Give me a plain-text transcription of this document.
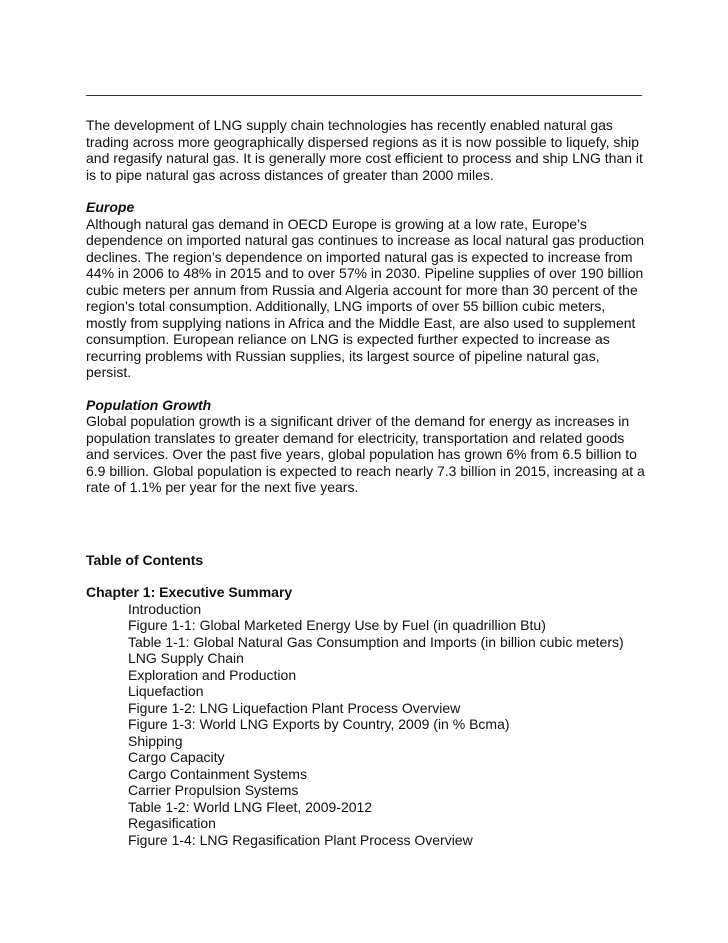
The development of LNG supply chain technologies has recently enabled natural gas trading across more geographically dispersed regions as it is now possible to liquefy, ship and regasify natural gas. It is generally more cost efficient to process and ship LNG than it is to pipe natural gas across distances of greater than 2000 miles.

Europe

Although natural gas demand in OECD Europe is growing at a low rate, Europe’s dependence on imported natural gas continues to increase as local natural gas production declines. The region’s dependence on imported natural gas is expected to increase from 44% in 2006 to 48% in 2015 and to over 57% in 2030. Pipeline supplies of over 190 billion cubic meters per annum from Russia and Algeria account for more than 30 percent of the region’s total consumption. Additionally, LNG imports of over 55 billion cubic meters, mostly from supplying nations in Africa and the Middle East, are also used to supplement consumption. European reliance on LNG is expected further expected to increase as recurring problems with Russian supplies, its largest source of pipeline natural gas, persist.

Population Growth

Global population growth is a significant driver of the demand for energy as increases in population translates to greater demand for electricity, transportation and related goods and services. Over the past five years, global population has grown 6% from 6.5 billion to 6.9 billion. Global population is expected to reach nearly 7.3 billion in 2015, increasing at a rate of 1.1% per year for the next five years.

Table of Contents

Chapter 1: Executive Summary

Introduction
Figure 1-1: Global Marketed Energy Use by Fuel (in quadrillion Btu)
Table 1-1: Global Natural Gas Consumption and Imports (in billion cubic meters)
LNG Supply Chain
Exploration and Production
Liquefaction
Figure 1-2: LNG Liquefaction Plant Process Overview
Figure 1-3: World LNG Exports by Country, 2009 (in % Bcma)
Shipping
Cargo Capacity
Cargo Containment Systems
Carrier Propulsion Systems
Table 1-2: World LNG Fleet, 2009-2012
Regasification
Figure 1-4: LNG Regasification Plant Process Overview
